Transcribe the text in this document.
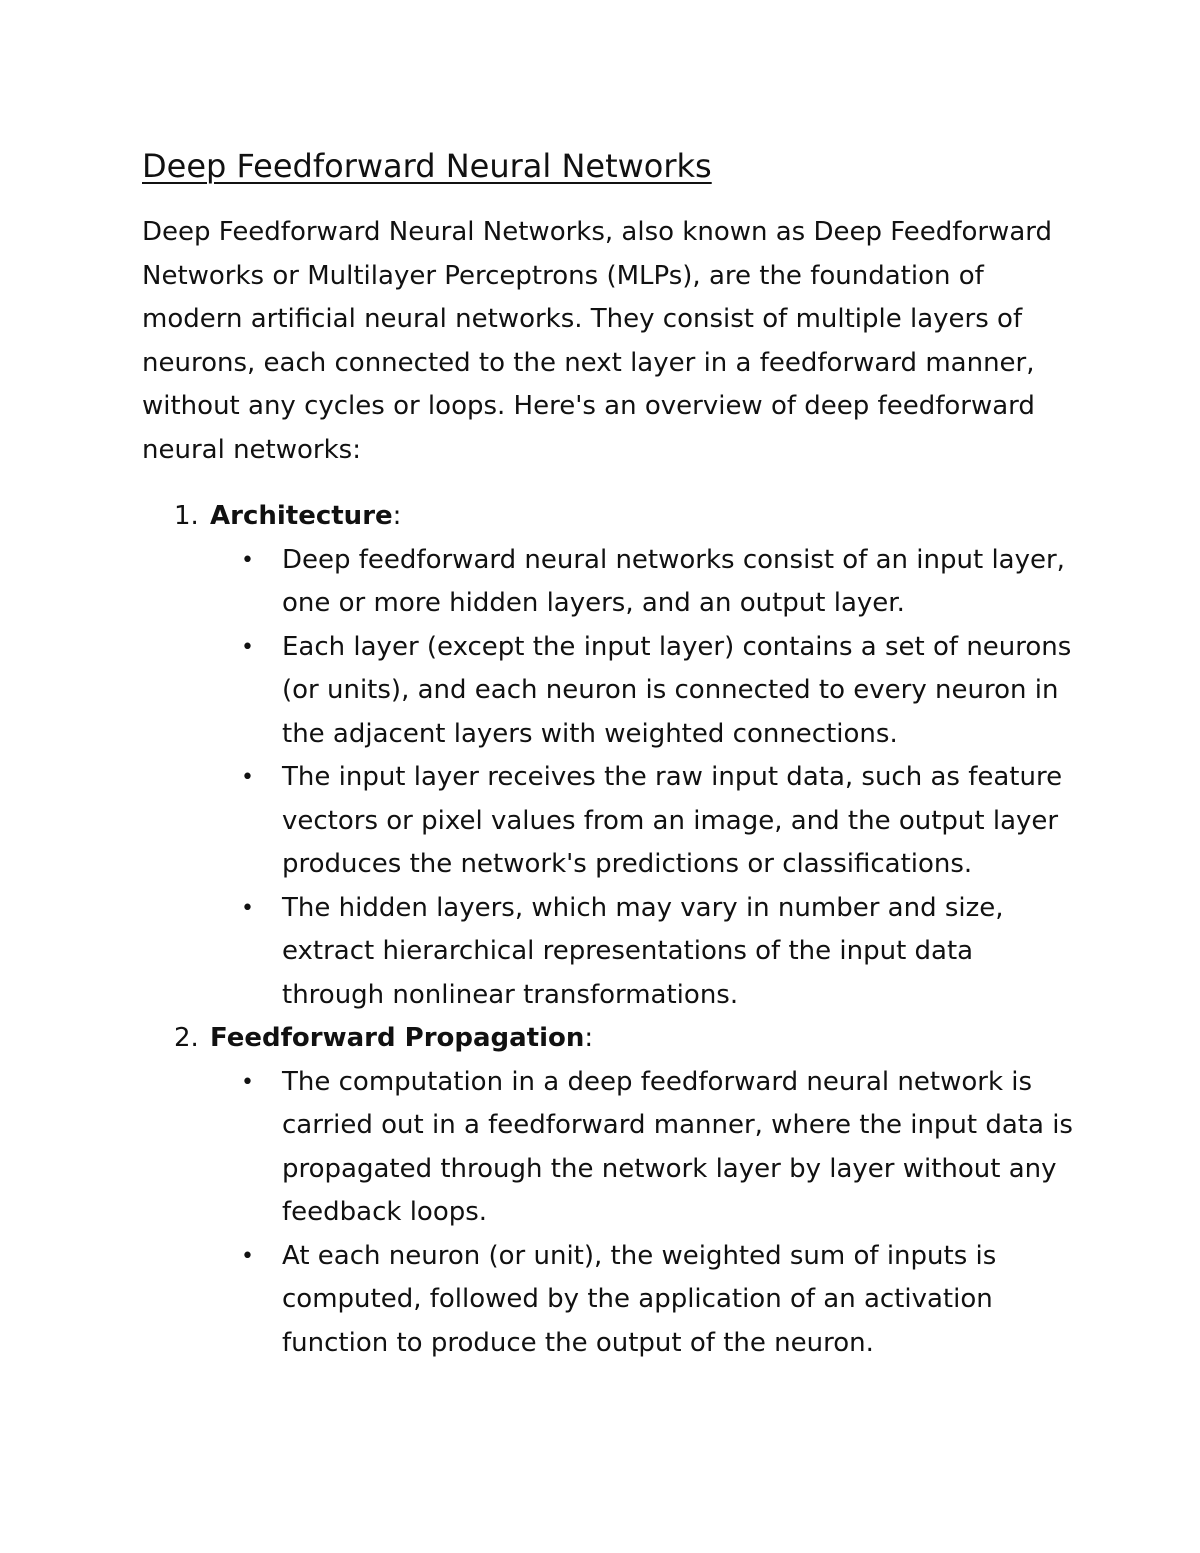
Deep Feedforward Neural Networks

Deep Feedforward Neural Networks, also known as Deep Feedforward Networks or Multilayer Perceptrons (MLPs), are the foundation of modern artificial neural networks. They consist of multiple layers of neurons, each connected to the next layer in a feedforward manner, without any cycles or loops. Here's an overview of deep feedforward neural networks:

1. Architecture:
• Deep feedforward neural networks consist of an input layer, one or more hidden layers, and an output layer.
• Each layer (except the input layer) contains a set of neurons (or units), and each neuron is connected to every neuron in the adjacent layers with weighted connections.
• The input layer receives the raw input data, such as feature vectors or pixel values from an image, and the output layer produces the network's predictions or classifications.
• The hidden layers, which may vary in number and size, extract hierarchical representations of the input data through nonlinear transformations.
2. Feedforward Propagation:
• The computation in a deep feedforward neural network is carried out in a feedforward manner, where the input data is propagated through the network layer by layer without any feedback loops.
• At each neuron (or unit), the weighted sum of inputs is computed, followed by the application of an activation function to produce the output of the neuron.
